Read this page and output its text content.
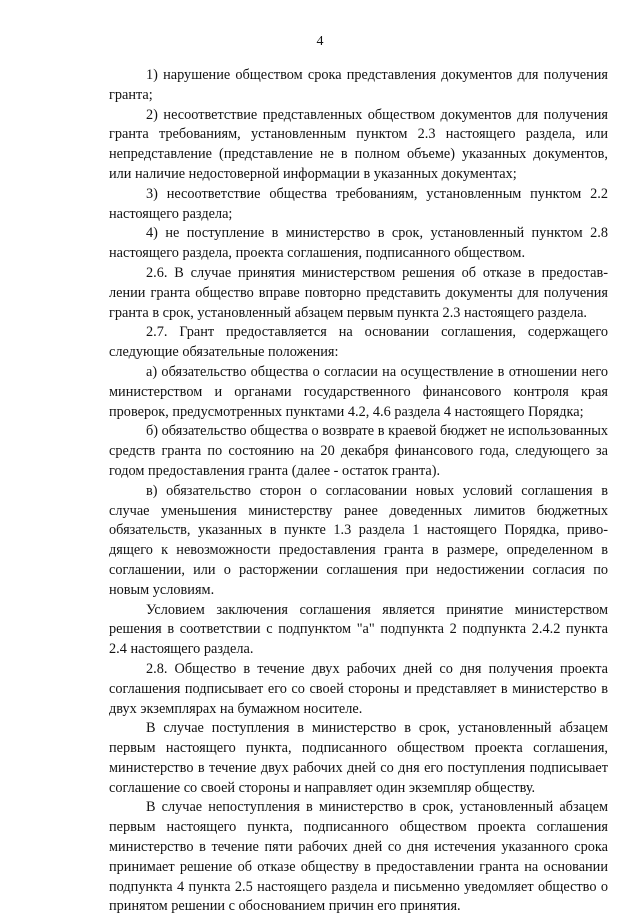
4

1) нарушение обществом срока представления документов для получения гранта;

2) несоответствие представленных обществом документов для получения гранта требованиям, установленным пунктом 2.3 настоящего раздела, или непредставление (представление не в полном объеме) указанных документов, или наличие недостоверной информации в указанных документах;

3) несоответствие общества требованиям, установленным пунктом 2.2 настоящего раздела;

4) не поступление в министерство в срок, установленный пунктом 2.8 настоящего раздела, проекта соглашения, подписанного обществом.

2.6. В случае принятия министерством решения об отказе в предоставлении гранта общество вправе повторно представить документы для получения гранта в срок, установленный абзацем первым пункта 2.3 настоящего раздела.

2.7. Грант предоставляется на основании соглашения, содержащего следующие обязательные положения:

а) обязательство общества о согласии на осуществление в отношении него министерством и органами государственного финансового контроля края проверок, предусмотренных пунктами 4.2, 4.6 раздела 4 настоящего Порядка;

б) обязательство общества о возврате в краевой бюджет не использованных средств гранта по состоянию на 20 декабря финансового года, следующего за годом предоставления гранта (далее - остаток гранта).

в) обязательство сторон о согласовании новых условий соглашения в случае уменьшения министерству ранее доведенных лимитов бюджетных обязательств, указанных в пункте 1.3 раздела 1 настоящего Порядка, приводящего к невозможности предоставления гранта в размере, определенном в соглашении, или о расторжении соглашения при недостижении согласия по новым условиям.

Условием заключения соглашения является принятие министерством решения в соответствии с подпунктом "а" подпункта 2 подпункта 2.4.2 пункта 2.4 настоящего раздела.

2.8. Общество в течение двух рабочих дней со дня получения проекта соглашения подписывает его со своей стороны и представляет в министерство в двух экземплярах на бумажном носителе.

В случае поступления в министерство в срок, установленный абзацем первым настоящего пункта, подписанного обществом проекта соглашения, министерство в течение двух рабочих дней со дня его поступления подписывает соглашение со своей стороны и направляет один экземпляр обществу.

В случае непоступления в министерство в срок, установленный абзацем первым настоящего пункта, подписанного обществом проекта соглашения министерство в течение пяти рабочих дней со дня истечения указанного срока принимает решение об отказе обществу в предоставлении гранта на основании подпункта 4 пункта 2.5 настоящего раздела и письменно уведомляет общество о принятом решении с обоснованием причин его принятия.
